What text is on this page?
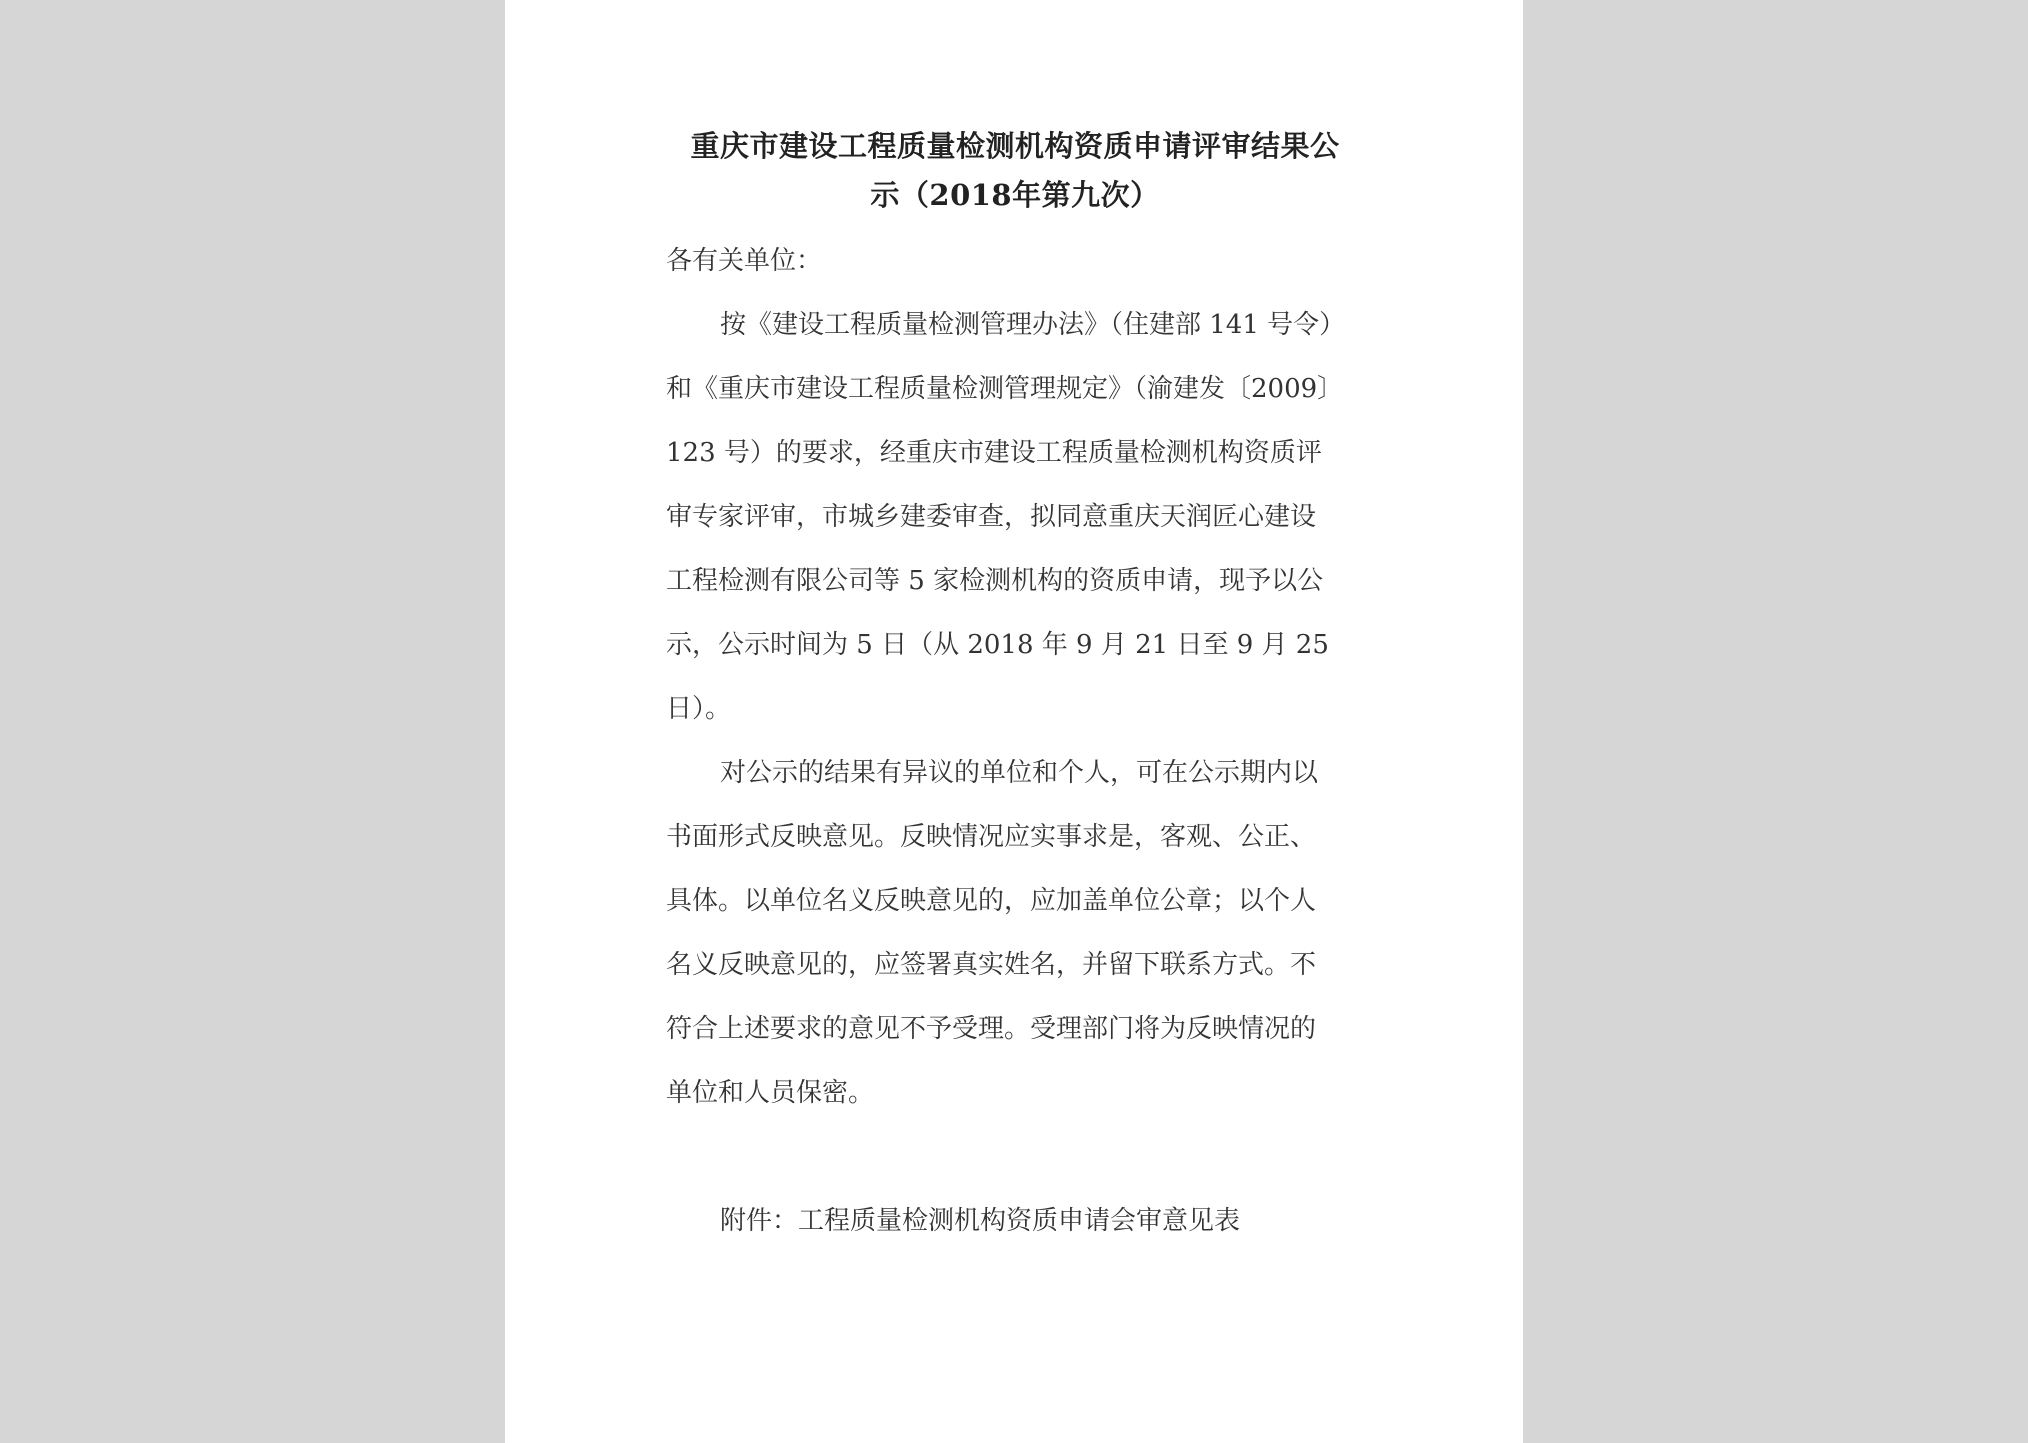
重庆市建设工程质量检测机构资质申请评审结果公
示（2018年第九次）
各有关单位：
按《建设工程质量检测管理办法》（住建部 141 号令）
和《重庆市建设工程质量检测管理规定》（渝建发〔2009〕
123 号）的要求，经重庆市建设工程质量检测机构资质评
审专家评审，市城乡建委审查，拟同意重庆天润匠心建设
工程检测有限公司等 5 家检测机构的资质申请，现予以公
示，公示时间为 5 日（从 2018 年 9 月 21 日至 9 月 25
日）。
对公示的结果有异议的单位和个人，可在公示期内以
书面形式反映意见。反映情况应实事求是，客观、公正、
具体。以单位名义反映意见的，应加盖单位公章；以个人
名义反映意见的，应签署真实姓名，并留下联系方式。不
符合上述要求的意见不予受理。受理部门将为反映情况的
单位和人员保密。
附件：工程质量检测机构资质申请会审意见表
